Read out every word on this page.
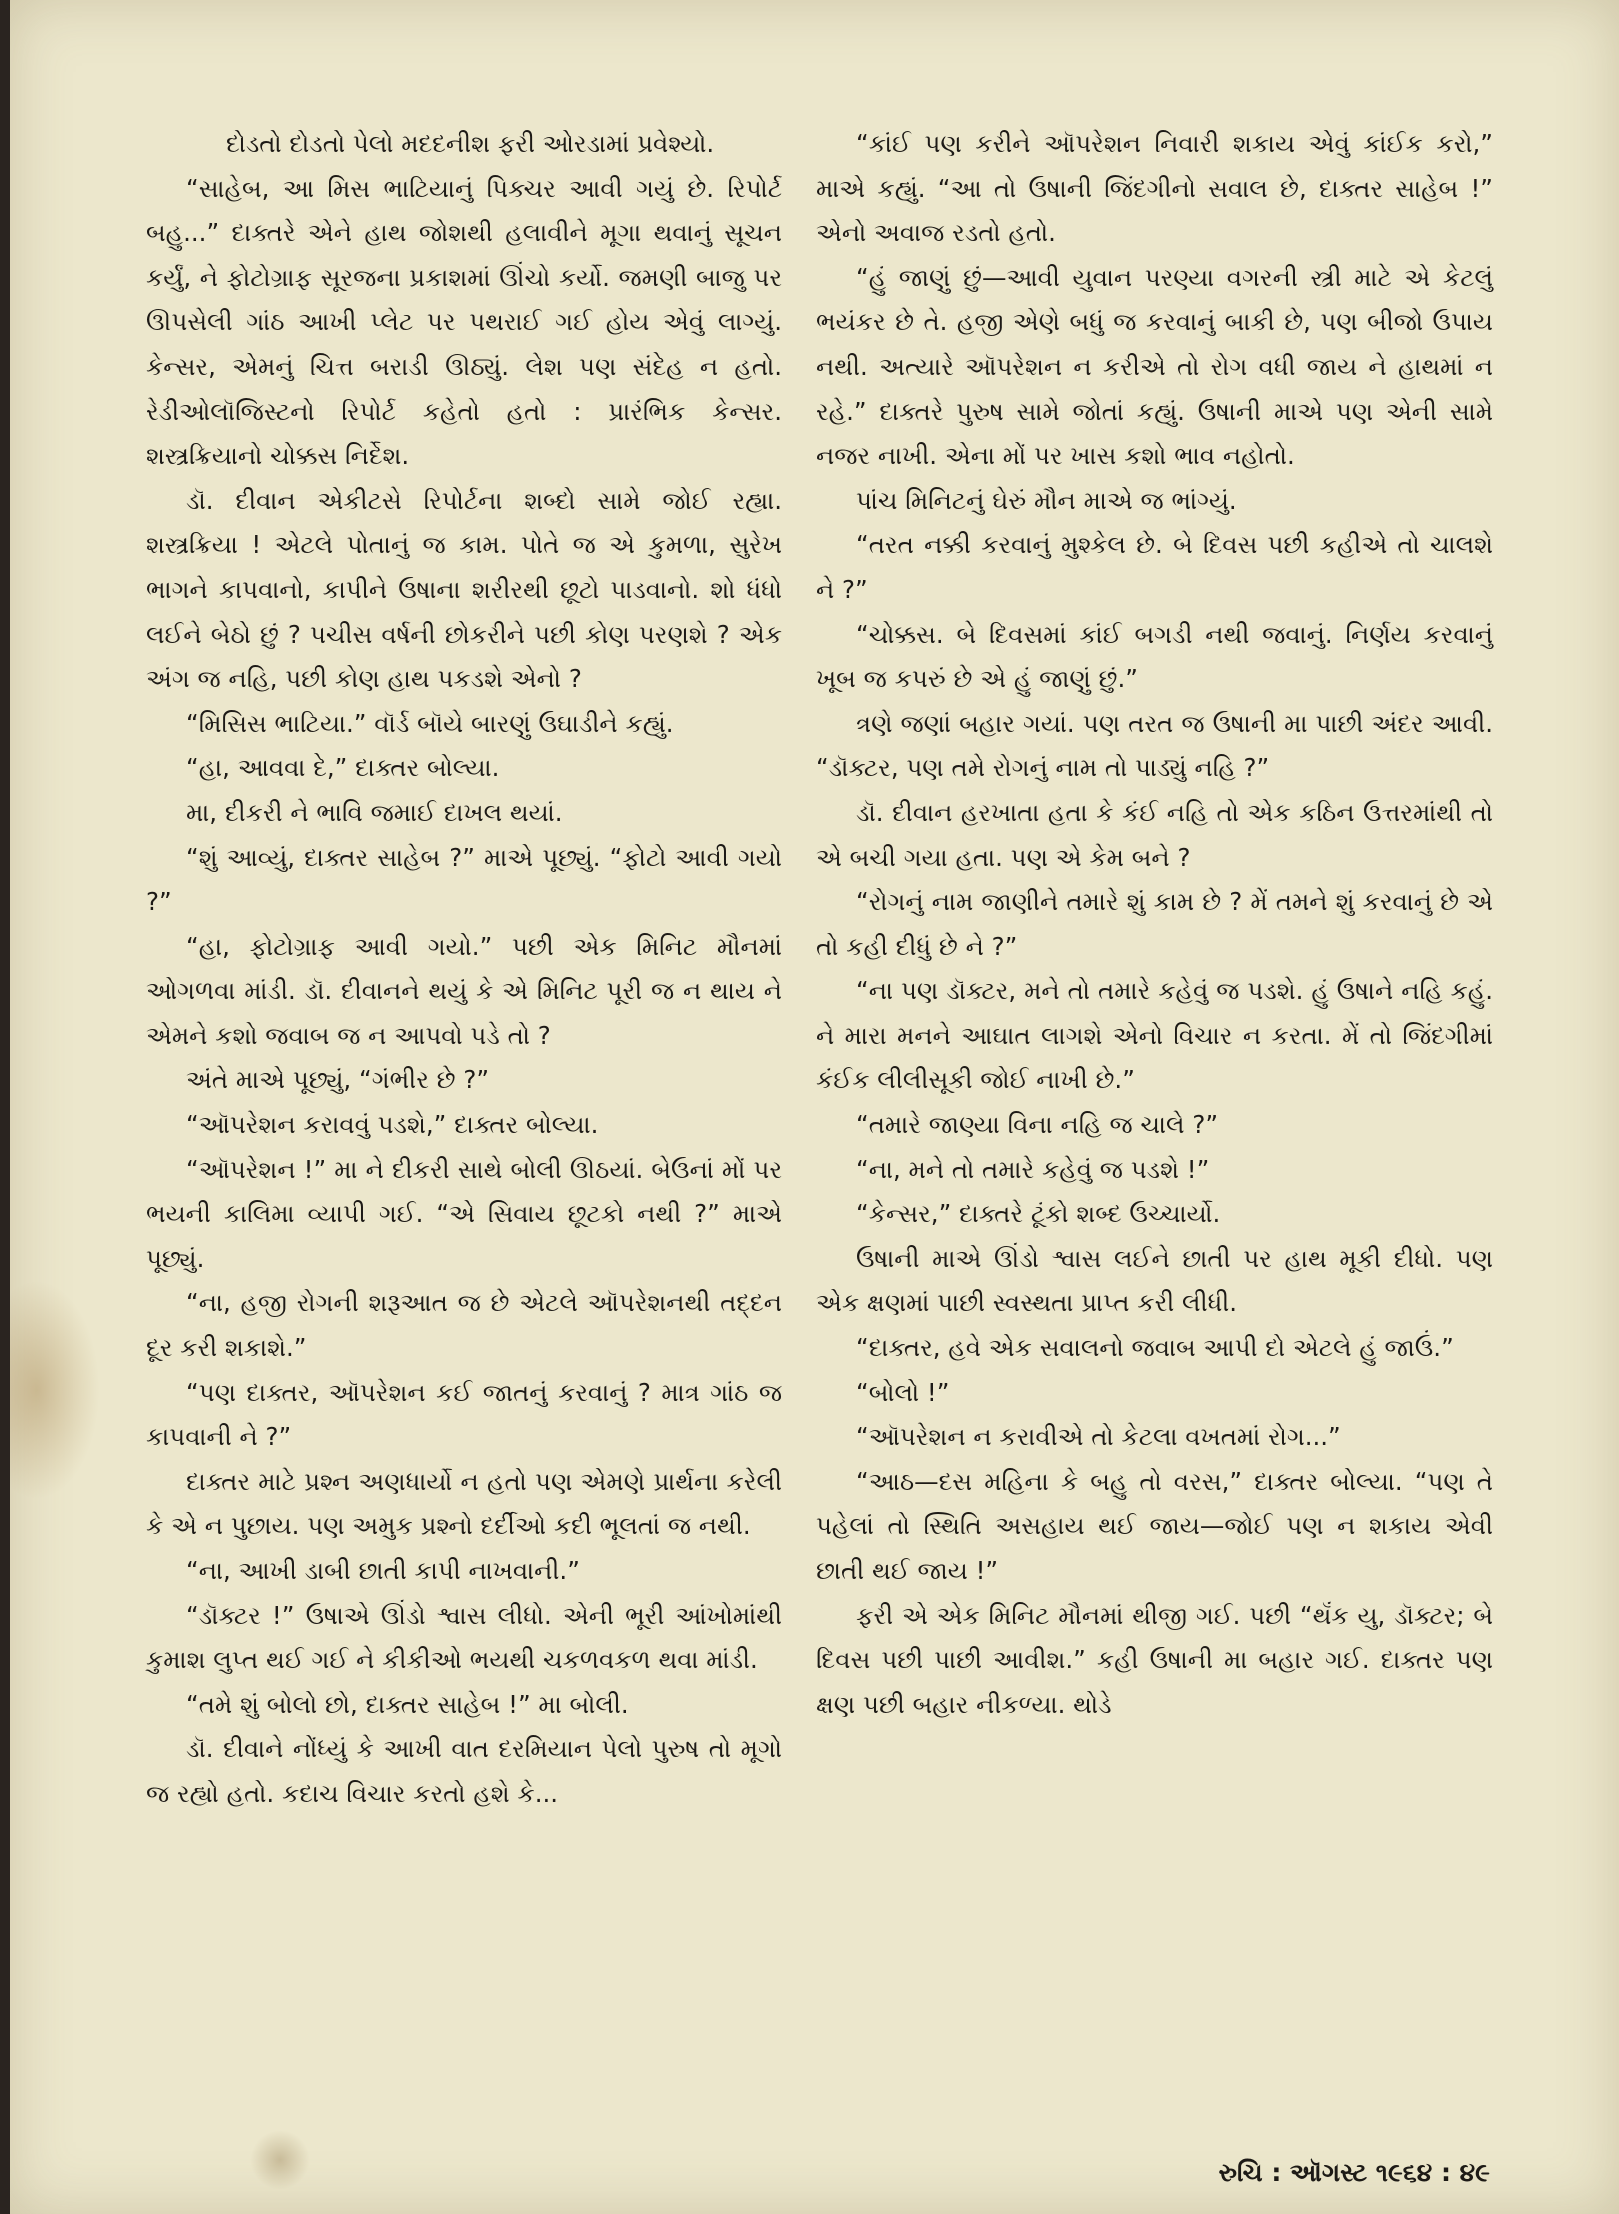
દોડતો દોડતો પેલો મદદનીશ ફરી ઓરડામાં પ્રવેશ્યો.

“સાહેબ, આ મિસ ભાટિયાનું પિક્ચર આવી ગયું છે. રિપોર્ટ બહુ...” દાક્તરે એને હાથ જોશથી હલાવીને મૂગા થવાનું સૂચન કર્યું, ને ફોટોગ્રાફ સૂરજના પ્રકાશમાં ઊંચો કર્યો. જમણી બાજુ પર ઊપસેલી ગાંઠ આખી પ્લેટ પર પથરાઈ ગઈ હોય એવું લાગ્યું. કેન્સર, એમનું ચિત્ત બરાડી ઊઠ્યું. લેશ પણ સંદેહ ન હતો. રેડીઓલૉજિસ્ટનો રિપોર્ટ કહેતો હતો : પ્રારંભિક કેન્સર. શસ્ત્રક્રિયાનો ચોક્કસ નિર્દેશ.

ડૉ. દીવાન એકીટસે રિપોર્ટના શબ્દો સામે જોઈ રહ્યા. શસ્ત્રક્રિયા ! એટલે પોતાનું જ કામ. પોતે જ એ કુમળા, સુરેખ ભાગને કાપવાનો, કાપીને ઉષાના શરીરથી છૂટો પાડવાનો. શો ધંધો લઈને બેઠો છું ? પચીસ વર્ષની છોકરીને પછી કોણ પરણશે ? એક અંગ જ નહિ, પછી કોણ હાથ પકડશે એનો ?

“મિસિસ ભાટિયા.” વૉર્ડ બૉયે બારણું ઉઘાડીને કહ્યું.

“હા, આવવા દે,” દાક્તર બોલ્યા.

મા, દીકરી ને ભાવિ જમાઈ દાખલ થયાં.

“શું આવ્યું, દાક્તર સાહેબ ?” માએ પૂછ્યું. “ફોટો આવી ગયો ?”

“હા, ફોટોગ્રાફ આવી ગયો.” પછી એક મિનિટ મૌનમાં ઓગળવા માંડી. ડૉ. દીવાનને થયું કે એ મિનિટ પૂરી જ ન થાય ને એમને કશો જવાબ જ ન આપવો પડે તો ?

અંતે માએ પૂછ્યું, “ગંભીર છે ?”

“ઑપરેશન કરાવવું પડશે,” દાક્તર બોલ્યા.

“ઑપરેશન !” મા ને દીકરી સાથે બોલી ઊઠયાં. બેઉનાં મોં પર ભયની કાલિમા વ્યાપી ગઈ. “એ સિવાય છૂટકો નથી ?” માએ પૂછ્યું.

“ના, હજી રોગની શરૂઆત જ છે એટલે ઑપરેશનથી તદ્દન દૂર કરી શકાશે.”

“પણ દાક્તર, ઑપરેશન કઈ જાતનું કરવાનું ? માત્ર ગાંઠ જ કાપવાની ને ?”

દાક્તર માટે પ્રશ્ન અણધાર્યો ન હતો પણ એમણે પ્રાર્થના કરેલી કે એ ન પુછાય. પણ અમુક પ્રશ્નો દર્દીઓ કદી ભૂલતાં જ નથી.

“ના, આખી ડાબી છાતી કાપી નાખવાની.”

“ડૉક્ટર !” ઉષાએ ઊંડો શ્વાસ લીધો. એની ભૂરી આંખોમાંથી કુમાશ લુપ્ત થઈ ગઈ ને કીકીઓ ભયથી ચકળવકળ થવા માંડી.

“તમે શું બોલો છો, દાક્તર સાહેબ !” મા બોલી.

ડૉ. દીવાને નોંધ્યું કે આખી વાત દરમિયાન પેલો પુરુષ તો મૂગો જ રહ્યો હતો. કદાચ વિચાર કરતો હશે કે...

“કાંઈ પણ કરીને ઑપરેશન નિવારી શકાય એવું કાંઈક કરો,” માએ કહ્યું. “આ તો ઉષાની જિંદગીનો સવાલ છે, દાક્તર સાહેબ !” એનો અવાજ રડતો હતો.

“હું જાણું છું—આવી યુવાન પરણ્યા વગરની સ્ત્રી માટે એ કેટલું ભયંકર છે તે. હજી એણે બધું જ કરવાનું બાકી છે, પણ બીજો ઉપાય નથી. અત્યારે ઑપરેશન ન કરીએ તો રોગ વધી જાય ને હાથમાં ન રહે.” દાક્તરે પુરુષ સામે જોતાં કહ્યું. ઉષાની માએ પણ એની સામે નજર નાખી. એના મોં પર ખાસ કશો ભાવ નહોતો.

પાંચ મિનિટનું ઘેરું મૌન માએ જ ભાંગ્યું.

“તરત નક્કી કરવાનું મુશ્કેલ છે. બે દિવસ પછી કહીએ તો ચાલશે ને ?”

“ચોક્કસ. બે દિવસમાં કાંઈ બગડી નથી જવાનું. નિર્ણય કરવાનું ખૂબ જ કપરું છે એ હું જાણું છું.”

ત્રણે જણાં બહાર ગયાં. પણ તરત જ ઉષાની મા પાછી અંદર આવી. “ડૉક્ટર, પણ તમે રોગનું નામ તો પાડ્યું નહિ ?”

ડૉ. દીવાન હરખાતા હતા કે કંઈ નહિ તો એક કઠિન ઉત્તરમાંથી તો એ બચી ગયા હતા. પણ એ કેમ બને ?

“રોગનું નામ જાણીને તમારે શું કામ છે ? મેં તમને શું કરવાનું છે એ તો કહી દીધું છે ને ?”

“ના પણ ડૉક્ટર, મને તો તમારે કહેવું જ પડશે. હું ઉષાને નહિ કહું. ને મારા મનને આઘાત લાગશે એનો વિચાર ન કરતા. મેં તો જિંદગીમાં કંઈક લીલીસૂકી જોઈ નાખી છે.”

“તમારે જાણ્યા વિના નહિ જ ચાલે ?”

“ના, મને તો તમારે કહેવું જ પડશે !”

“કેન્સર,” દાક્તરે ટૂંકો શબ્દ ઉચ્ચાર્યો.

ઉષાની માએ ઊંડો શ્વાસ લઈને છાતી પર હાથ મૂકી દીધો. પણ એક ક્ષણમાં પાછી સ્વસ્થતા પ્રાપ્ત કરી લીધી.

“દાક્તર, હવે એક સવાલનો જવાબ આપી દો એટલે હું જાઉં.”

“બોલો !”

“ઑપરેશન ન કરાવીએ તો કેટલા વખતમાં રોગ...”

“આઠ—દસ મહિના કે બહુ તો વરસ,” દાક્તર બોલ્યા. “પણ તે પહેલાં તો સ્થિતિ અસહાય થઈ જાય—જોઈ પણ ન શકાય એવી છાતી થઈ જાય !”

ફરી એ એક મિનિટ મૌનમાં થીજી ગઈ. પછી “થૅંક યુ, ડૉક્ટર; બે દિવસ પછી પાછી આવીશ.” કહી ઉષાની મા બહાર ગઈ. દાક્તર પણ ક્ષણ પછી બહાર નીકળ્યા. થોડે

રુચિ : ઑગસ્ટ ૧૯૬૪ : ૪૯
